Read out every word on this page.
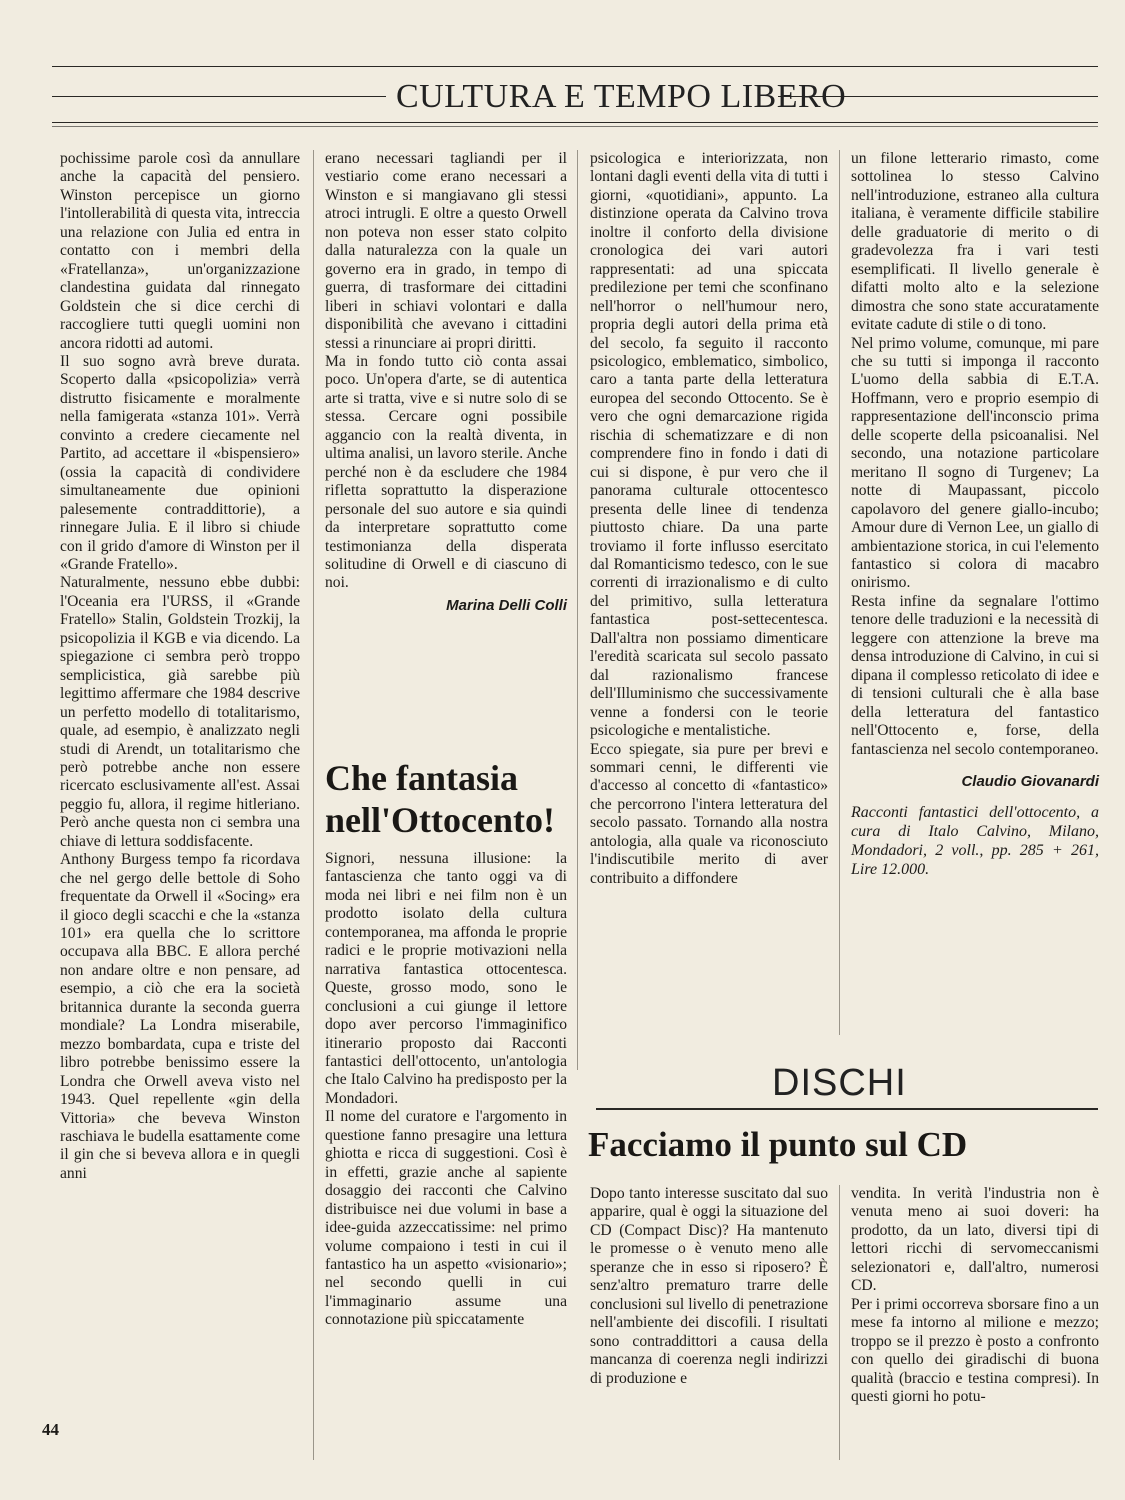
CULTURA E TEMPO LIBERO

pochissime parole così da annullare anche la capacità del pensiero. Winston percepisce un giorno l'intollerabilità di questa vita, intreccia una relazione con Julia ed entra in contatto con i membri della «Fratellanza», un'organizzazione clandestina guidata dal rinnegato Goldstein che si dice cerchi di raccogliere tutti quegli uomini non ancora ridotti ad automi.
Il suo sogno avrà breve durata. Scoperto dalla «psicopolizia» verrà distrutto fisicamente e moralmente nella famigerata «stanza 101». Verrà convinto a credere ciecamente nel Partito, ad accettare il «bispensiero» (ossia la capacità di condividere simultaneamente due opinioni palesemente contraddittorie), a rinnegare Julia. E il libro si chiude con il grido d'amore di Winston per il «Grande Fratello».
Naturalmente, nessuno ebbe dubbi: l'Oceania era l'URSS, il «Grande Fratello» Stalin, Goldstein Trozkij, la psicopolizia il KGB e via dicendo. La spiegazione ci sembra però troppo semplicistica, già sarebbe più legittimo affermare che 1984 descrive un perfetto modello di totalitarismo, quale, ad esempio, è analizzato negli studi di Arendt, un totalitarismo che però potrebbe anche non essere ricercato esclusivamente all'est. Assai peggio fu, allora, il regime hitleriano. Però anche questa non ci sembra una chiave di lettura soddisfacente.
Anthony Burgess tempo fa ricordava che nel gergo delle bettole di Soho frequentate da Orwell il «Socing» era il gioco degli scacchi e che la «stanza 101» era quella che lo scrittore occupava alla BBC. E allora perché non andare oltre e non pensare, ad esempio, a ciò che era la società britannica durante la seconda guerra mondiale? La Londra miserabile, mezzo bombardata, cupa e triste del libro potrebbe benissimo essere la Londra che Orwell aveva visto nel 1943. Quel repellente «gin della Vittoria» che beveva Winston raschiava le budella esattamente come il gin che si beveva allora e in quegli anni

erano necessari tagliandi per il vestiario come erano necessari a Winston e si mangiavano gli stessi atroci intrugli. E oltre a questo Orwell non poteva non esser stato colpito dalla naturalezza con la quale un governo era in grado, in tempo di guerra, di trasformare dei cittadini liberi in schiavi volontari e dalla disponibilità che avevano i cittadini stessi a rinunciare ai propri diritti.
Ma in fondo tutto ciò conta assai poco. Un'opera d'arte, se di autentica arte si tratta, vive e si nutre solo di se stessa. Cercare ogni possibile aggancio con la realtà diventa, in ultima analisi, un lavoro sterile. Anche perché non è da escludere che 1984 rifletta soprattutto la disperazione personale del suo autore e sia quindi da interpretare soprattutto come testimonianza della disperata solitudine di Orwell e di ciascuno di noi.

Marina Delli Colli

Che fantasia
nell'Ottocento!

Signori, nessuna illusione: la fantascienza che tanto oggi va di moda nei libri e nei film non è un prodotto isolato della cultura contemporanea, ma affonda le proprie radici e le proprie motivazioni nella narrativa fantastica ottocentesca. Queste, grosso modo, sono le conclusioni a cui giunge il lettore dopo aver percorso l'immaginifico itinerario proposto dai Racconti fantastici dell'ottocento, un'antologia che Italo Calvino ha predisposto per la Mondadori.
Il nome del curatore e l'argomento in questione fanno presagire una lettura ghiotta e ricca di suggestioni. Così è in effetti, grazie anche al sapiente dosaggio dei racconti che Calvino distribuisce nei due volumi in base a idee-guida azzeccatissime: nel primo volume compaiono i testi in cui il fantastico ha un aspetto «visionario»; nel secondo quelli in cui l'immaginario assume una connotazione più spiccatamente

psicologica e interiorizzata, non lontani dagli eventi della vita di tutti i giorni, «quotidiani», appunto. La distinzione operata da Calvino trova inoltre il conforto della divisione cronologica dei vari autori rappresentati: ad una spiccata predilezione per temi che sconfinano nell'horror o nell'humour nero, propria degli autori della prima età del secolo, fa seguito il racconto psicologico, emblematico, simbolico, caro a tanta parte della letteratura europea del secondo Ottocento. Se è vero che ogni demarcazione rigida rischia di schematizzare e di non comprendere fino in fondo i dati di cui si dispone, è pur vero che il panorama culturale ottocentesco presenta delle linee di tendenza piuttosto chiare. Da una parte troviamo il forte influsso esercitato dal Romanticismo tedesco, con le sue correnti di irrazionalismo e di culto del primitivo, sulla letteratura fantastica post-settecentesca. Dall'altra non possiamo dimenticare l'eredità scaricata sul secolo passato dal razionalismo francese dell'Illuminismo che successivamente venne a fondersi con le teorie psicologiche e mentalistiche.
Ecco spiegate, sia pure per brevi e sommari cenni, le differenti vie d'accesso al concetto di «fantastico» che percorrono l'intera letteratura del secolo passato. Tornando alla nostra antologia, alla quale va riconosciuto l'indiscutibile merito di aver contribuito a diffondere

un filone letterario rimasto, come sottolinea lo stesso Calvino nell'introduzione, estraneo alla cultura italiana, è veramente difficile stabilire delle graduatorie di merito o di gradevolezza fra i vari testi esemplificati. Il livello generale è difatti molto alto e la selezione dimostra che sono state accuratamente evitate cadute di stile o di tono.
Nel primo volume, comunque, mi pare che su tutti si imponga il racconto L'uomo della sabbia di E.T.A. Hoffmann, vero e proprio esempio di rappresentazione dell'inconscio prima delle scoperte della psicoanalisi. Nel secondo, una notazione particolare meritano Il sogno di Turgenev; La notte di Maupassant, piccolo capolavoro del genere giallo-incubo; Amour dure di Vernon Lee, un giallo di ambientazione storica, in cui l'elemento fantastico si colora di macabro onirismo.
Resta infine da segnalare l'ottimo tenore delle traduzioni e la necessità di leggere con attenzione la breve ma densa introduzione di Calvino, in cui si dipana il complesso reticolato di idee e di tensioni culturali che è alla base della letteratura del fantastico nell'Ottocento e, forse, della fantascienza nel secolo contemporaneo.

Claudio Giovanardi

Racconti fantastici dell'ottocento, a cura di Italo Calvino, Milano, Mondadori, 2 voll., pp. 285 + 261, Lire 12.000.

DISCHI
Facciamo il punto sul CD

Dopo tanto interesse suscitato dal suo apparire, qual è oggi la situazione del CD (Compact Disc)? Ha mantenuto le promesse o è venuto meno alle speranze che in esso si riposero? È senz'altro prematuro trarre delle conclusioni sul livello di penetrazione nell'ambiente dei discofili. I risultati sono contraddittori a causa della mancanza di coerenza negli indirizzi di produzione e

vendita. In verità l'industria non è venuta meno ai suoi doveri: ha prodotto, da un lato, diversi tipi di lettori ricchi di servomeccanismi selezionatori e, dall'altro, numerosi CD.
Per i primi occorreva sborsare fino a un mese fa intorno al milione e mezzo; troppo se il prezzo è posto a confronto con quello dei giradischi di buona qualità (braccio e testina compresi). In questi giorni ho potu-

44
